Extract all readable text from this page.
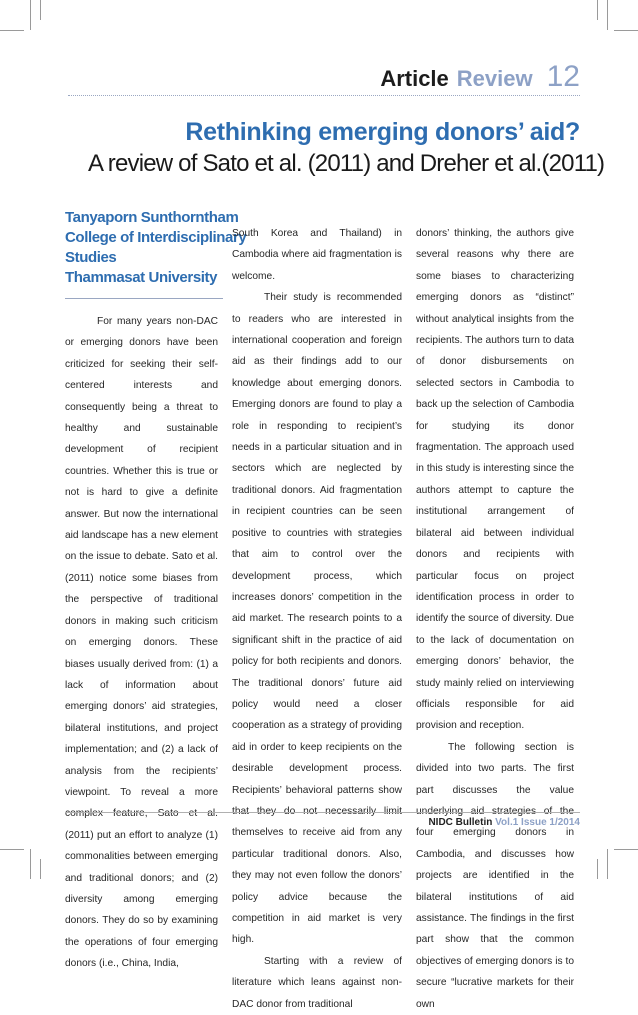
Article Review 12
Rethinking emerging donors’ aid?
A review of Sato et al. (2011) and Dreher et al.(2011)
Tanyaporn Sunthorntham
College of Interdisciplinary
Studies
Thammasat University

For many years non-DAC or emerging donors have been criticized for seeking their self-centered interests and consequently being a threat to healthy and sustainable development of recipient countries. Whether this is true or not is hard to give a definite answer. But now the international aid landscape has a new element on the issue to debate. Sato et al. (2011) notice some biases from the perspective of traditional donors in making such criticism on emerging donors. These biases usually derived from: (1) a lack of information about emerging donors’ aid strategies, bilateral institutions, and project implementation; and (2) a lack of analysis from the recipients’ viewpoint. To reveal a more complex feature, Sato et al. (2011) put an effort to analyze (1) commonalities between emerging and traditional donors; and (2) diversity among emerging donors. They do so by examining the operations of four emerging donors (i.e., China, India,

South Korea and Thailand) in Cambodia where aid fragmentation is welcome.

Their study is recommended to readers who are interested in international cooperation and foreign aid as their findings add to our knowledge about emerging donors. Emerging donors are found to play a role in responding to recipient’s needs in a particular situation and in sectors which are neglected by traditional donors. Aid fragmentation in recipient countries can be seen positive to countries with strategies that aim to control over the development process, which increases donors’ competition in the aid market. The research points to a significant shift in the practice of aid policy for both recipients and donors. The traditional donors’ future aid policy would need a closer cooperation as a strategy of providing aid in order to keep recipients on the desirable development process. Recipients’ behavioral patterns show that they do not necessarily limit themselves to receive aid from any particular traditional donors. Also, they may not even follow the donors’ policy advice because the competition in aid market is very high.

Starting with a review of literature which leans against non-DAC donor from traditional

donors’ thinking, the authors give several reasons why there are some biases to characterizing emerging donors as “distinct” without analytical insights from the recipients. The authors turn to data of donor disbursements on selected sectors in Cambodia to back up the selection of Cambodia for studying its donor fragmentation. The approach used in this study is interesting since the authors attempt to capture the institutional arrangement of bilateral aid between individual donors and recipients with particular focus on project identification process in order to identify the source of diversity. Due to the lack of documentation on emerging donors’ behavior, the study mainly relied on interviewing officials responsible for aid provision and reception.

The following section is divided into two parts. The first part discusses the value underlying aid strategies of the four emerging donors in Cambodia, and discusses how projects are identified in the bilateral institutions of aid assistance. The findings in the first part show that the common objectives of emerging donors is to secure “lucrative markets for their own

NIDC Bulletin Vol.1 Issue 1/2014
